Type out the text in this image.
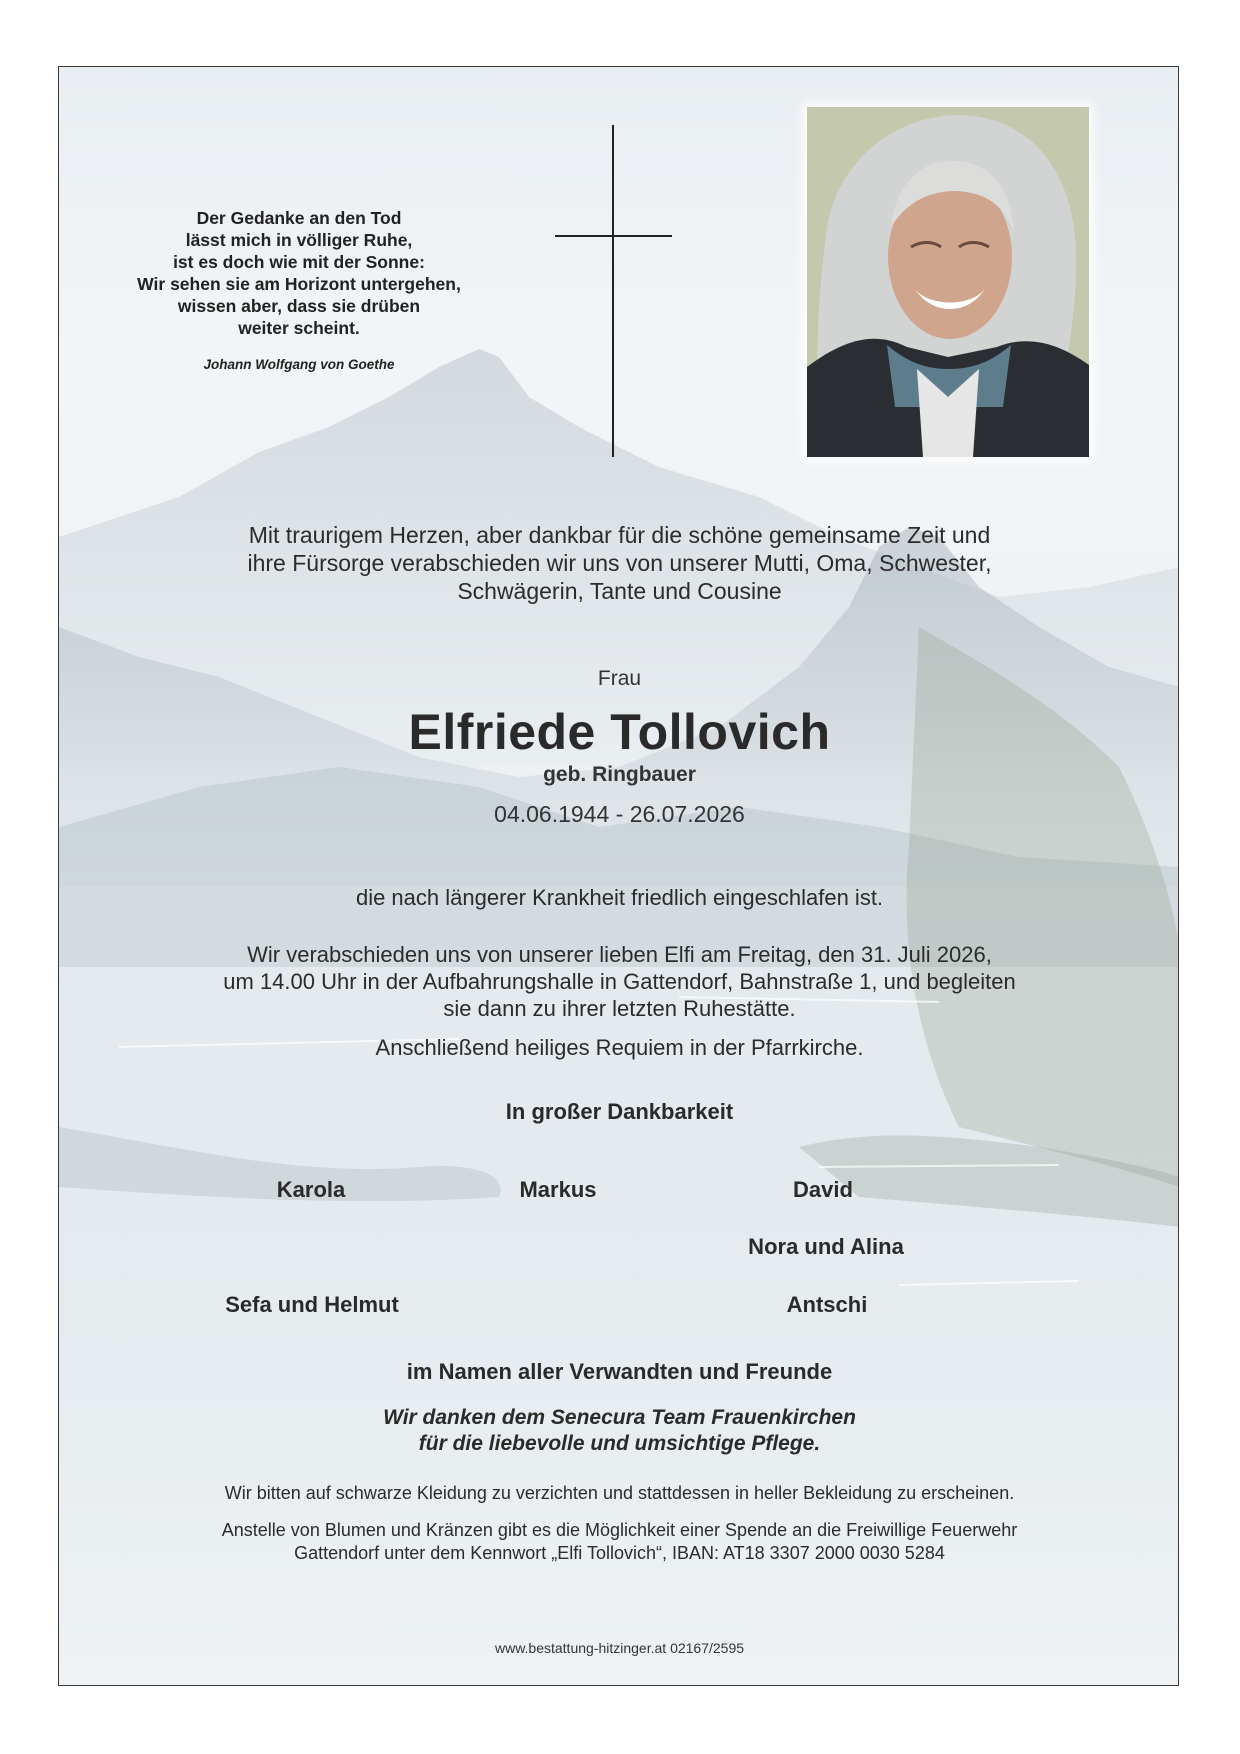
Der Gedanke an den Tod
lässt mich in völliger Ruhe,
ist es doch wie mit der Sonne:
Wir sehen sie am Horizont untergehen,
wissen aber, dass sie drüben
weiter scheint.
Johann Wolfgang von Goethe
Mit traurigem Herzen, aber dankbar für die schöne gemeinsame Zeit und
ihre Fürsorge verabschieden wir uns von unserer Mutti, Oma, Schwester,
Schwägerin, Tante und Cousine
Frau
Elfriede Tollovich
geb. Ringbauer
04.06.1944 - 26.07.2026
die nach längerer Krankheit friedlich eingeschlafen ist.
Wir verabschieden uns von unserer lieben Elfi am Freitag, den 31. Juli 2026,
um 14.00 Uhr in der Aufbahrungshalle in Gattendorf, Bahnstraße 1, und begleiten
sie dann zu ihrer letzten Ruhestätte.
Anschließend heiliges Requiem in der Pfarrkirche.
In großer Dankbarkeit
Karola	Markus	David
Nora und Alina
Sefa und Helmut	Antschi
im Namen aller Verwandten und Freunde
Wir danken dem Senecura Team Frauenkirchen
für die liebevolle und umsichtige Pflege.
Wir bitten auf schwarze Kleidung zu verzichten und stattdessen in heller Bekleidung zu erscheinen.
Anstelle von Blumen und Kränzen gibt es die Möglichkeit einer Spende an die Freiwillige Feuerwehr
Gattendorf unter dem Kennwort „Elfi Tollovich“, IBAN: AT18 3307 2000 0030 5284
www.bestattung-hitzinger.at 02167/2595
